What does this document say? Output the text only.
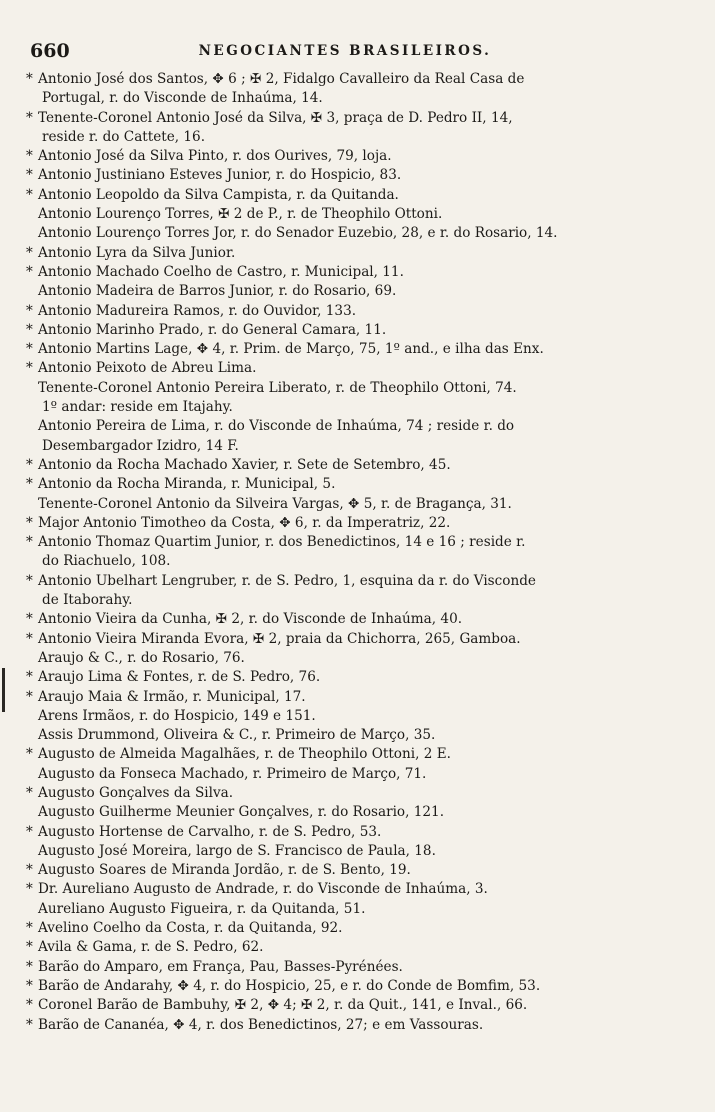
660	NEGOCIANTES BRASILEIROS.
* Antonio José dos Santos, ✥ 6 ; ✠ 2, Fidalgo Cavalleiro da Real Casa de
Portugal, r. do Visconde de Inhaúma, 14.
* Tenente-Coronel Antonio José da Silva, ✠ 3, praça de D. Pedro II, 14,
reside r. do Cattete, 16.
* Antonio José da Silva Pinto, r. dos Ourives, 79, loja.
* Antonio Justiniano Esteves Junior, r. do Hospicio, 83.
* Antonio Leopoldo da Silva Campista, r. da Quitanda.
Antonio Lourenço Torres, ✠ 2 de P., r. de Theophilo Ottoni.
Antonio Lourenço Torres Jor, r. do Senador Euzebio, 28, e r. do Rosario, 14.
* Antonio Lyra da Silva Junior.
* Antonio Machado Coelho de Castro, r. Municipal, 11.
Antonio Madeira de Barros Junior, r. do Rosario, 69.
* Antonio Madureira Ramos, r. do Ouvidor, 133.
* Antonio Marinho Prado, r. do General Camara, 11.
* Antonio Martins Lage, ✥ 4, r. Prim. de Março, 75, 1º and., e ilha das Enx.
* Antonio Peixoto de Abreu Lima.
Tenente-Coronel Antonio Pereira Liberato, r. de Theophilo Ottoni, 74.
1º andar: reside em Itajahy.
Antonio Pereira de Lima, r. do Visconde de Inhaúma, 74 ; reside r. do
Desembargador Izidro, 14 F.
* Antonio da Rocha Machado Xavier, r. Sete de Setembro, 45.
* Antonio da Rocha Miranda, r. Municipal, 5.
Tenente-Coronel Antonio da Silveira Vargas, ✥ 5, r. de Bragança, 31.
* Major Antonio Timotheo da Costa, ✥ 6, r. da Imperatriz, 22.
* Antonio Thomaz Quartim Junior, r. dos Benedictinos, 14 e 16 ; reside r.
do Riachuelo, 108.
* Antonio Ubelhart Lengruber, r. de S. Pedro, 1, esquina da r. do Visconde
de Itaborahy.
* Antonio Vieira da Cunha, ✠ 2, r. do Visconde de Inhaúma, 40.
* Antonio Vieira Miranda Evora, ✠ 2, praia da Chichorra, 265, Gamboa.
Araujo & C., r. do Rosario, 76.
* Araujo Lima & Fontes, r. de S. Pedro, 76.
* Araujo Maia & Irmão, r. Municipal, 17.
Arens Irmãos, r. do Hospicio, 149 e 151.
Assis Drummond, Oliveira & C., r. Primeiro de Março, 35.
* Augusto de Almeida Magalhães, r. de Theophilo Ottoni, 2 E.
Augusto da Fonseca Machado, r. Primeiro de Março, 71.
* Augusto Gonçalves da Silva.
Augusto Guilherme Meunier Gonçalves, r. do Rosario, 121.
* Augusto Hortense de Carvalho, r. de S. Pedro, 53.
Augusto José Moreira, largo de S. Francisco de Paula, 18.
* Augusto Soares de Miranda Jordão, r. de S. Bento, 19.
* Dr. Aureliano Augusto de Andrade, r. do Visconde de Inhaúma, 3.
Aureliano Augusto Figueira, r. da Quitanda, 51.
* Avelino Coelho da Costa, r. da Quitanda, 92.
* Avila & Gama, r. de S. Pedro, 62.
* Barão do Amparo, em França, Pau, Basses-Pyrénées.
* Barão de Andarahy, ✥ 4, r. do Hospicio, 25, e r. do Conde de Bomfim, 53.
* Coronel Barão de Bambuhy, ✠ 2, ✥ 4; ✠ 2, r. da Quit., 141, e Inval., 66.
* Barão de Cananéa, ✥ 4, r. dos Benedictinos, 27; e em Vassouras.
